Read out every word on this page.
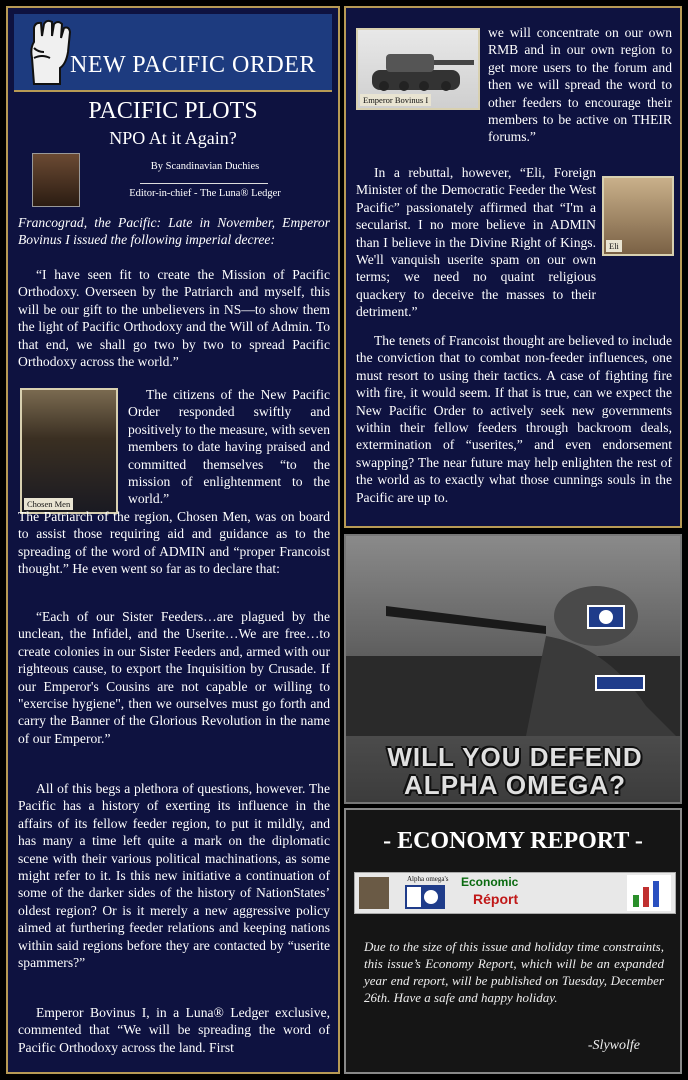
NEW PACIFIC ORDER
PACIFIC PLOTS
NPO At it Again?
By Scandinavian Duchies
Editor-in-chief - The Luna® Ledger
Francograd, the Pacific: Late in November, Emperor Bovinus I issued the following imperial decree:
“I have seen fit to create the Mission of Pacific Orthodoxy. Overseen by the Patriarch and myself, this will be our gift to the unbelievers in NS—to show them the light of Pacific Orthodoxy and the Will of Admin. To that end, we shall go two by two to spread Pacific Orthodoxy across the world.”
Chosen Men
The citizens of the New Pacific Order responded swiftly and positively to the measure, with seven members to date having praised and committed themselves “to the mission of enlightenment to the world.”
The Patriarch of the region, Chosen Men, was on board to assist those requiring aid and guidance as to the spreading of the word of ADMIN and “proper Francoist thought.” He even went so far as to declare that:
“Each of our Sister Feeders…are plagued by the unclean, the Infidel, and the Userite…We are free…to create colonies in our Sister Feeders and, armed with our righteous cause, to export the Inquisition by Crusade. If our Emperor's Cousins are not capable or willing to "exercise hygiene", then we ourselves must go forth and carry the Banner of the Glorious Revolution in the name of our Emperor.”
All of this begs a plethora of questions, however. The Pacific has a history of exerting its influence in the affairs of its fellow feeder region, to put it mildly, and has many a time left quite a mark on the diplomatic scene with their various political machinations, as some might refer to it. Is this new initiative a continuation of some of the darker sides of the history of NationStates’ oldest region? Or is it merely a new aggressive policy aimed at furthering feeder relations and keeping nations within said regions before they are contacted by “userite spammers?”
Emperor Bovinus I, in a Luna® Ledger exclusive, commented that “We will be spreading the word of Pacific Orthodoxy across the land. First
Emperor Bovinus I
we will concentrate on our own RMB and in our own region to get more users to the forum and then we will spread the word to other feeders to encourage their members to be active on THEIR forums.”
In a rebuttal, however, “Eli, Foreign Minister of the Democratic Feeder the West Pacific” passionately affirmed that “I'm a secularist. I no more believe in ADMIN than I believe in the Divine Right of Kings. We'll vanquish userite spam on our own terms; we need no quaint religious quackery to deceive the masses to their detriment.”
Eli
The tenets of Francoist thought are believed to include the conviction that to combat non-feeder influences, one must resort to using their tactics. A case of fighting fire with fire, it would seem. If that is true, can we expect the New Pacific Order to actively seek new governments within their fellow feeders through backroom deals, extermination of “userites,” and even endorsement swapping? The near future may help enlighten the rest of the world as to exactly what those cunnings souls in the Pacific are up to.
WILL YOU DEFEND
ALPHA OMEGA?
- ECONOMY REPORT -
Alpha omega's Economic
Réport
Due to the size of this issue and holiday time constraints, this issue’s Economy Report, which will be an expanded year end report, will be published on Tuesday, December 26th. Have a safe and happy holiday.
-Slywolfe
